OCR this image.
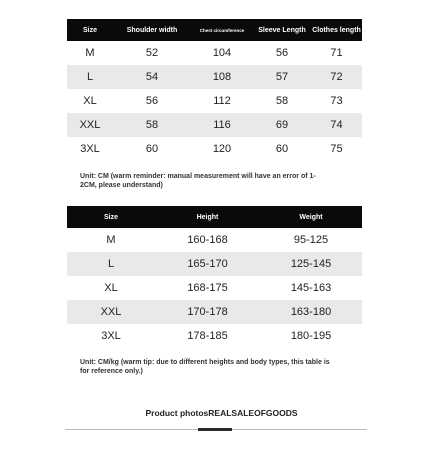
Size	Shoulder width	Chest circumference	Sleeve Length	Clothes length
M	52	104	56	71
L	54	108	57	72
XL	56	112	58	73
XXL	58	116	69	74
3XL	60	120	60	75
Unit: CM (warm reminder: manual measurement will have an error of 1-2CM, please understand)
Size	Height	Weight
M	160-168	95-125
L	165-170	125-145
XL	168-175	145-163
XXL	170-178	163-180
3XL	178-185	180-195
Unit: CM/kg (warm tip: due to different heights and body types, this table is for reference only.)
Product photosREALSALEOFGOODS
